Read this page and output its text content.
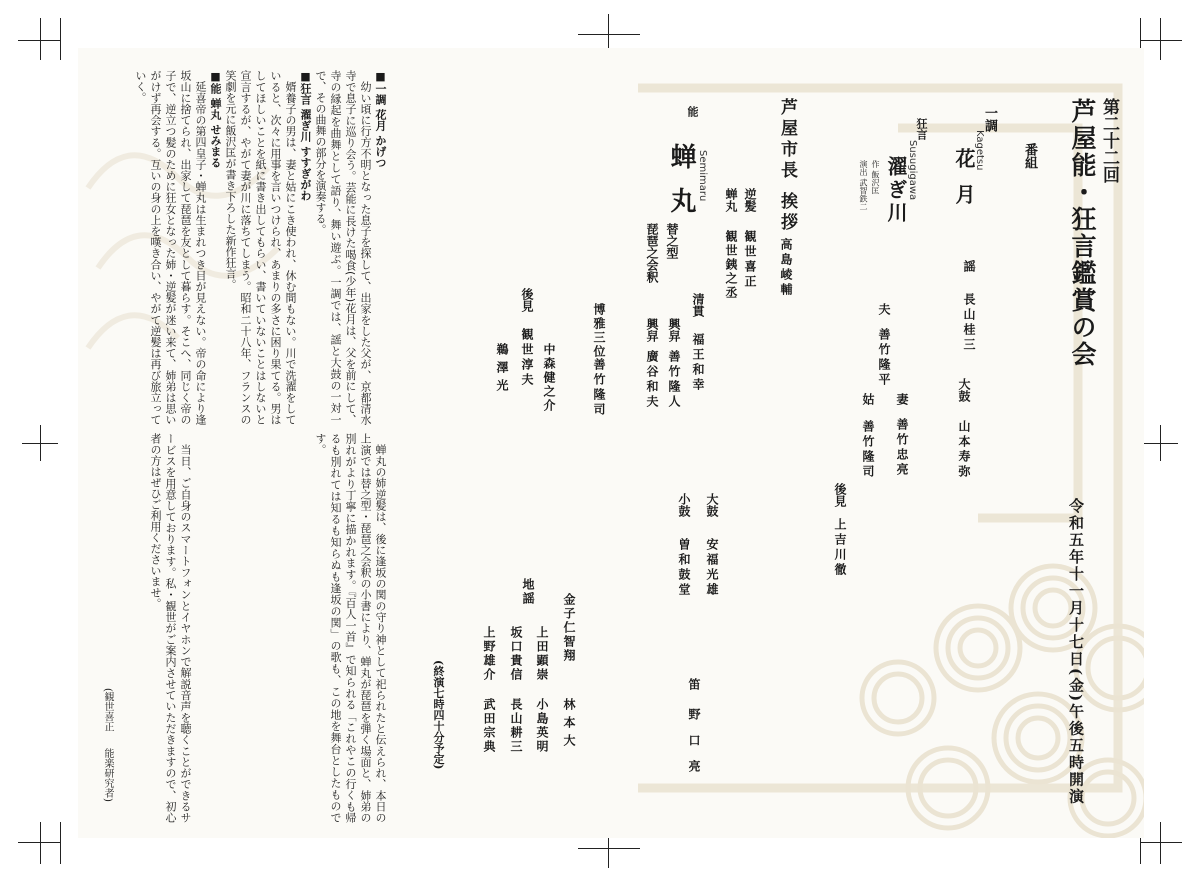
第二十二回
芦屋能・狂言鑑賞の会
番組
一調
Kagetsu
花月
謡
長山桂三
大鼓
山本寿弥
狂言
Susugigawa
濯ぎ川
作 飯沢匡
演出 武智鉄二
夫
善竹隆平
妻
善竹忠亮
姑
善竹隆司
後見
上吉川徹	令和五年十一月十七日(金)午後五時開演
芦屋市長 挨拶
高島崚輔
能
蝉丸 Semimaru	逆髪
観世喜正
蝉丸
観世銕之丞
替之型
琵琶之会釈
清貫
福王和幸
興舁
善竹隆人
興舁
廣谷和夫
博雅三位
善竹隆司
後見
観世淳夫 中森健之介
鵜澤光
大鼓
安福光雄
小鼓
曽和鼓堂
笛
野口亮
地謡
金子仁智翔
林本大
上田顕崇
小島英明
坂口貴信
長山耕三
上野雄介
武田宗典
(終演七時四十分予定)

■一調 花月 かげつ

幼い頃に行方不明となった息子を探して、出家をした父が、京都清水寺で息子に巡り会う。芸能に長けた喝食(少年)花月は、父を前にして、寺の縁起を曲舞として語り、舞い遊ぶ。一調では、謡と大鼓の一対一で、その曲舞の部分を演奏する。

■狂言 濯ぎ川 すすぎがわ

婿養子の男は、妻と姑にこき使われ、休む間もない。川で洗濯をしていると、次々に用事を言いつけられ、あまりの多さに困り果てる。男はしてほしいことを紙に書き出してもらい、書いていないことはしないと宣言するが、やがて妻が川に落ちてしまう。昭和二十八年、フランスの笑劇を元に飯沢匡が書き下ろした新作狂言。

■能 蝉丸 せみまる

延喜帝の第四皇子・蝉丸は生まれつき目が見えない。帝の命により逢坂山に捨てられ、出家して琵琶を友として暮らす。そこへ、同じく帝の子で、逆立つ髪のために狂女となった姉・逆髪が迷い来て、姉弟は思いがけず再会する。互いの身の上を嘆き合い、やがて逆髪は再び旅立っていく。

蝉丸の姉逆髪は、後に逢坂の関の守り神として祀られたと伝えられ、本日の上演では替之型・琵琶之会釈の小書により、蝉丸が琵琶を弾く場面と、姉弟の別れがより丁寧に描かれます。『百人一首』で知られる「これやこの行くも帰るも別れては知るも知らぬも逢坂の関」の歌も、この地を舞台としたものです。

当日、ご自身のスマートフォンとイヤホンで解説音声を聴くことができるサービスを用意しております。私・観世がご案内させていただきますので、初心者の方はぜひご利用くださいませ。

(観世喜正
能楽研究者)
